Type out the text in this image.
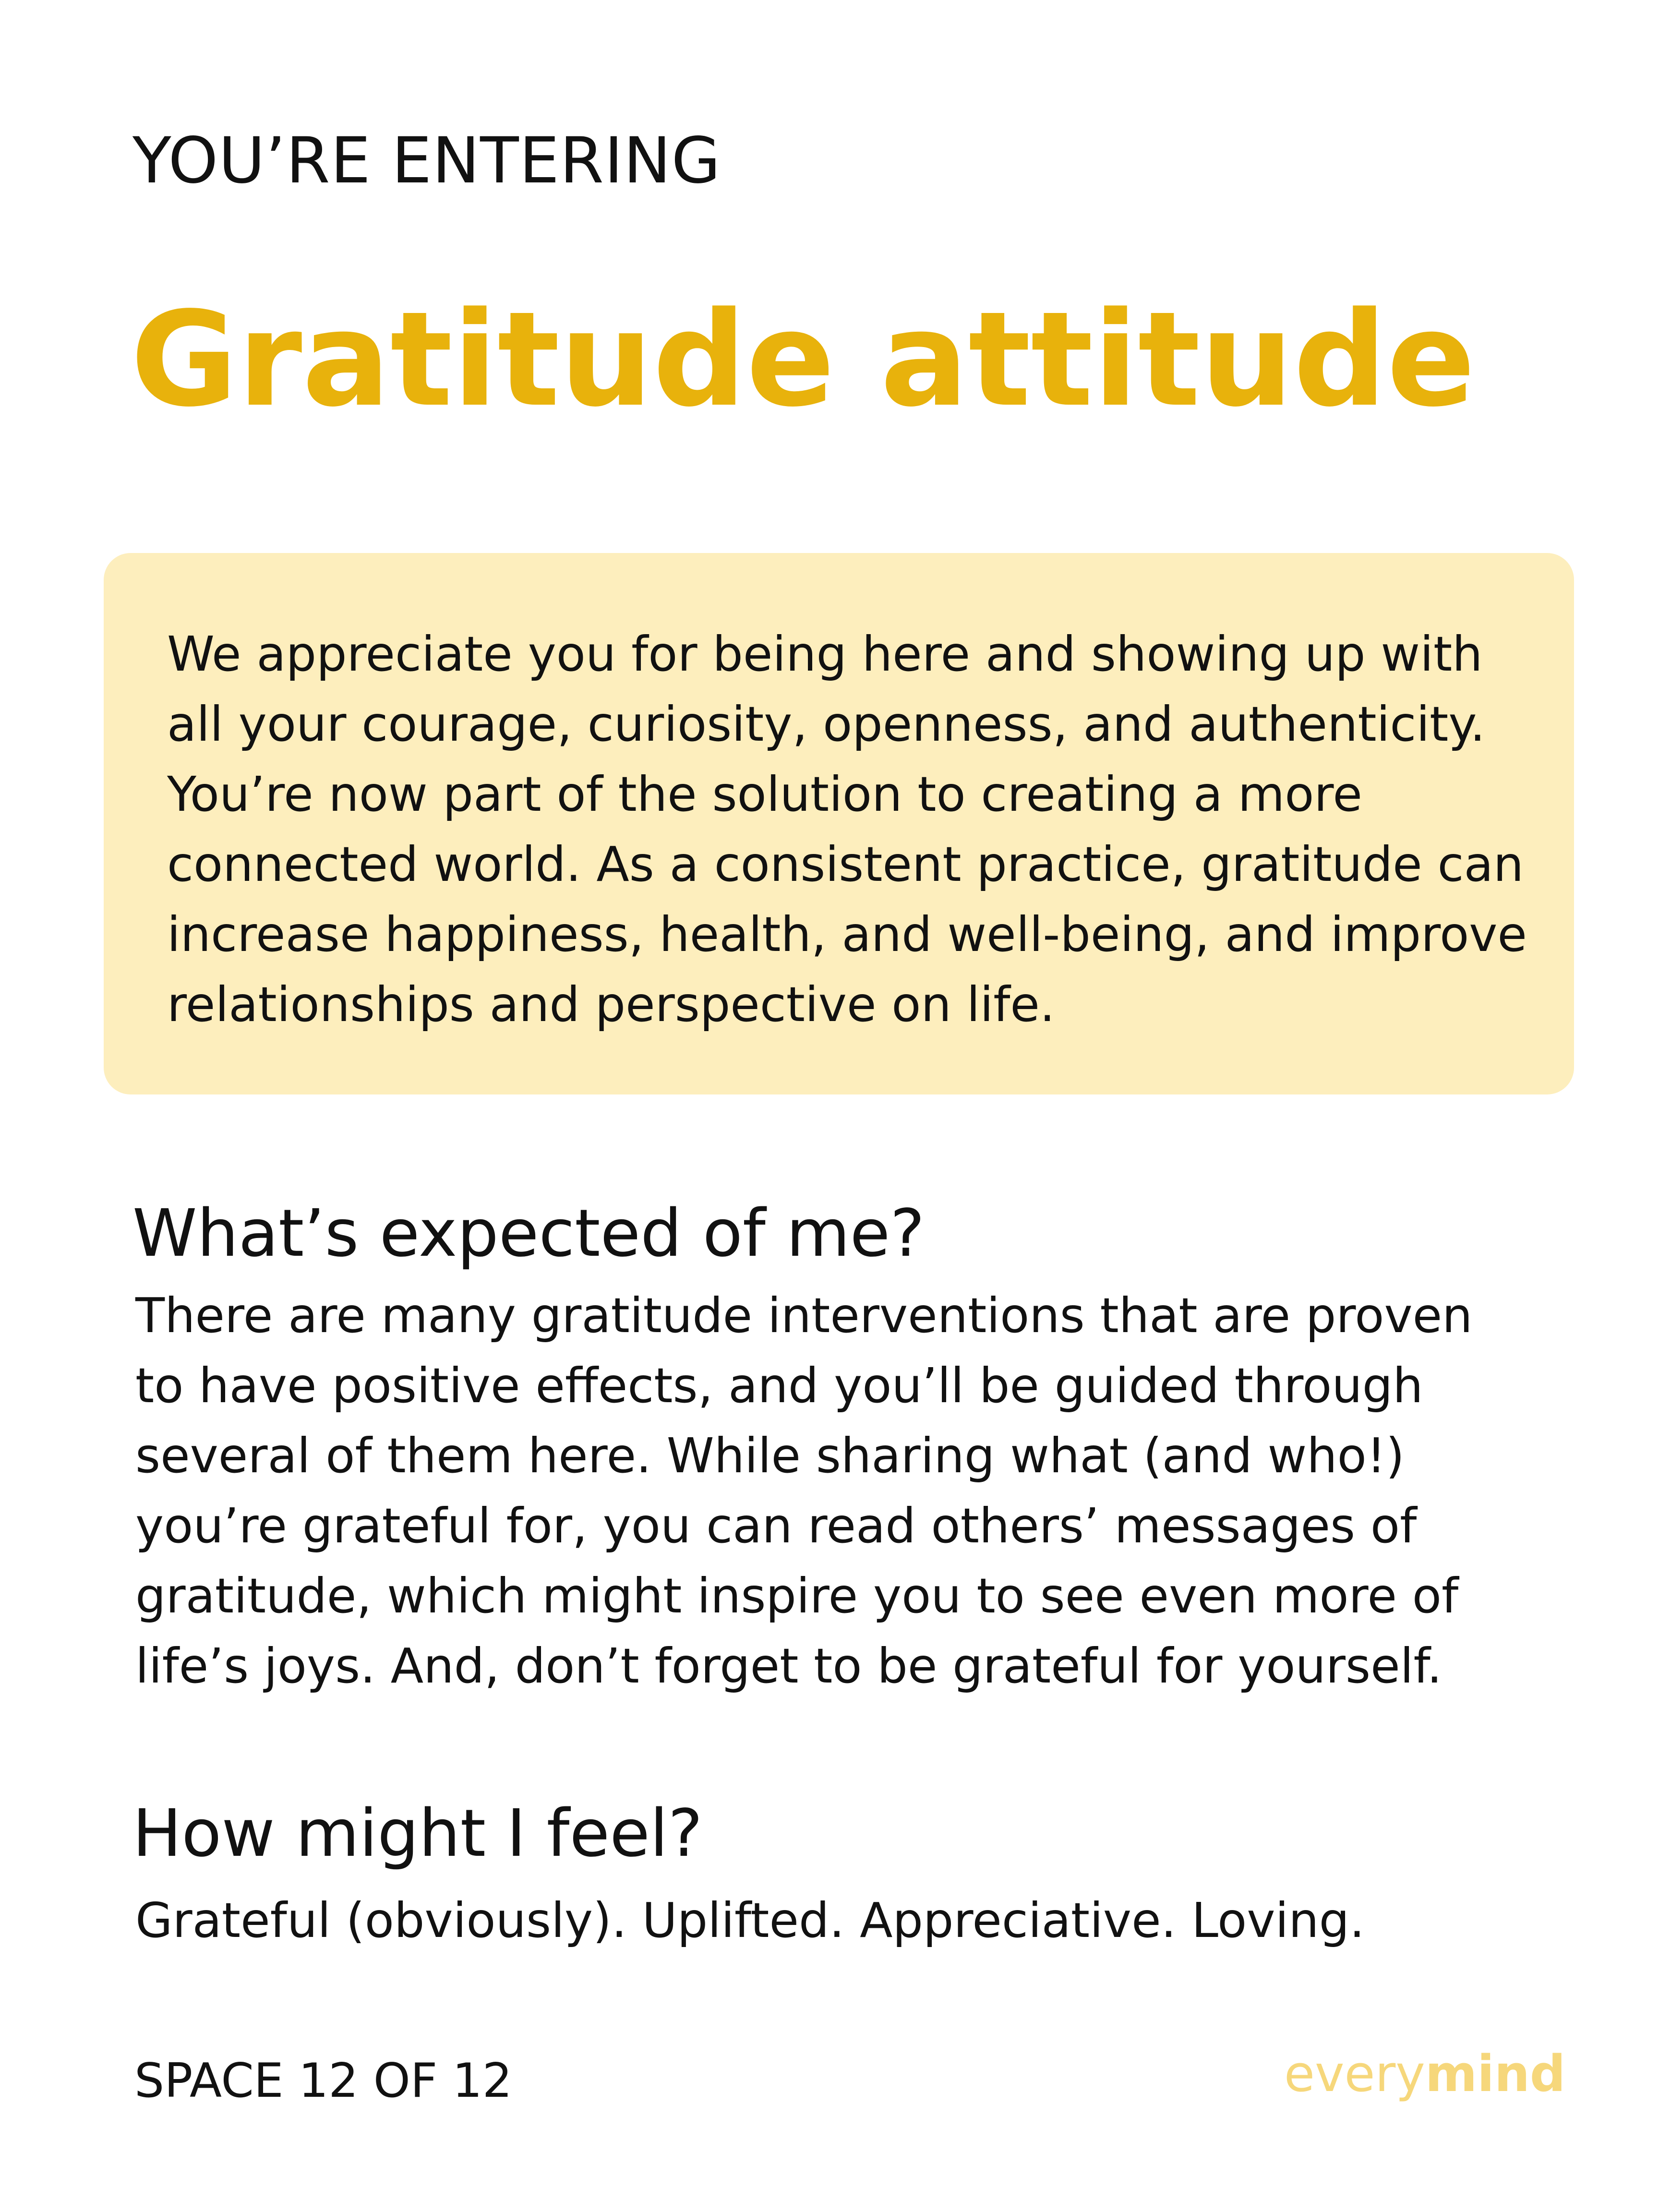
YOU’RE ENTERING
Gratitude attitude
We appreciate you for being here and showing up with all your courage, curiosity, openness, and authenticity. You’re now part of the solution to creating a more connected world. As a consistent practice, gratitude can increase happiness, health, and well-being, and improve relationships and perspective on life.
What’s expected of me?
There are many gratitude interventions that are proven to have positive effects, and you’ll be guided through several of them here. While sharing what (and who!) you’re grateful for, you can read others’ messages of gratitude, which might inspire you to see even more of life’s joys. And, don’t forget to be grateful for yourself.
How might I feel?
Grateful (obviously). Uplifted. Appreciative. Loving.
SPACE 12 OF 12	everymind
